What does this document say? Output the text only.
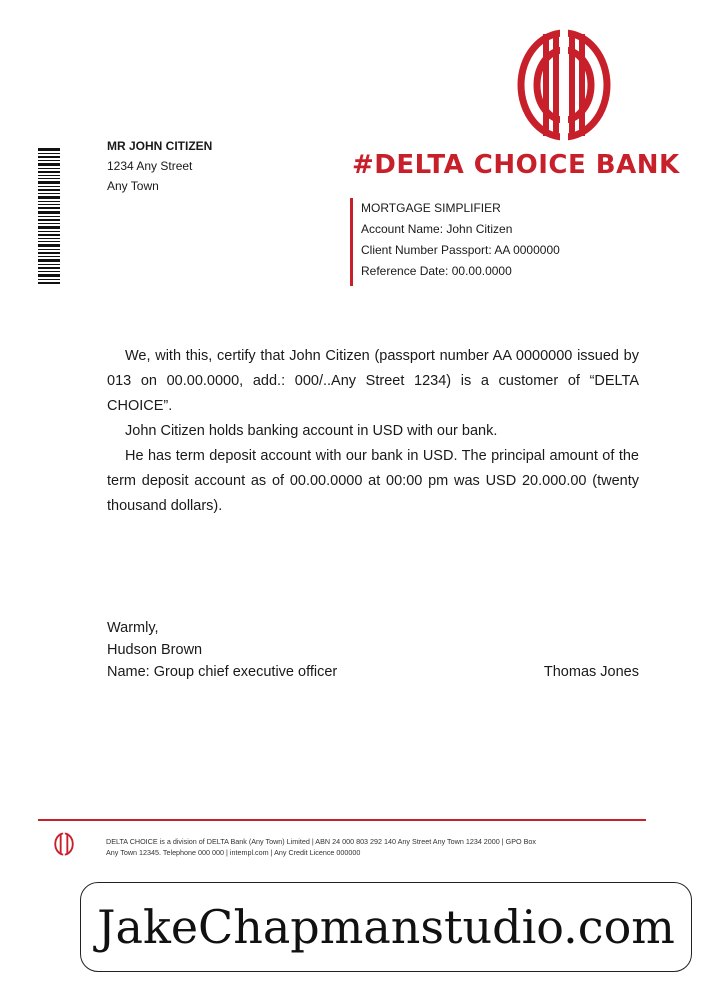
#DELTA CHOICE BANK
MR JOHN CITIZEN
1234 Any Street
Any Town
MORTGAGE SIMPLIFIER
Account Name: John Citizen
Client Number Passport: AA 0000000
Reference Date: 00.00.0000

We, with this, certify that John Citizen (passport number AA 0000000 issued by 013 on 00.00.0000, add.: 000/..Any Street 1234) is a customer of “DELTA CHOICE”.

John Citizen holds banking account in USD with our bank.

He has term deposit account with our bank in USD. The principal amount of the term deposit account as of 00.00.0000 at 00:00 pm was USD 20.000.00 (twenty thousand dollars).

Warmly,
Hudson Brown
Name: Group chief executive officer	Thomas Jones
DELTA CHOICE is a division of DELTA Bank (Any Town) Limited | ABN 24 000 803 292 140 Any Street Any Town 1234 2000 | GPO Box
Any Town 12345. Telephone 000 000 | intempl.com | Any Credit Licence 000000
JakeChapmanstudio.com
